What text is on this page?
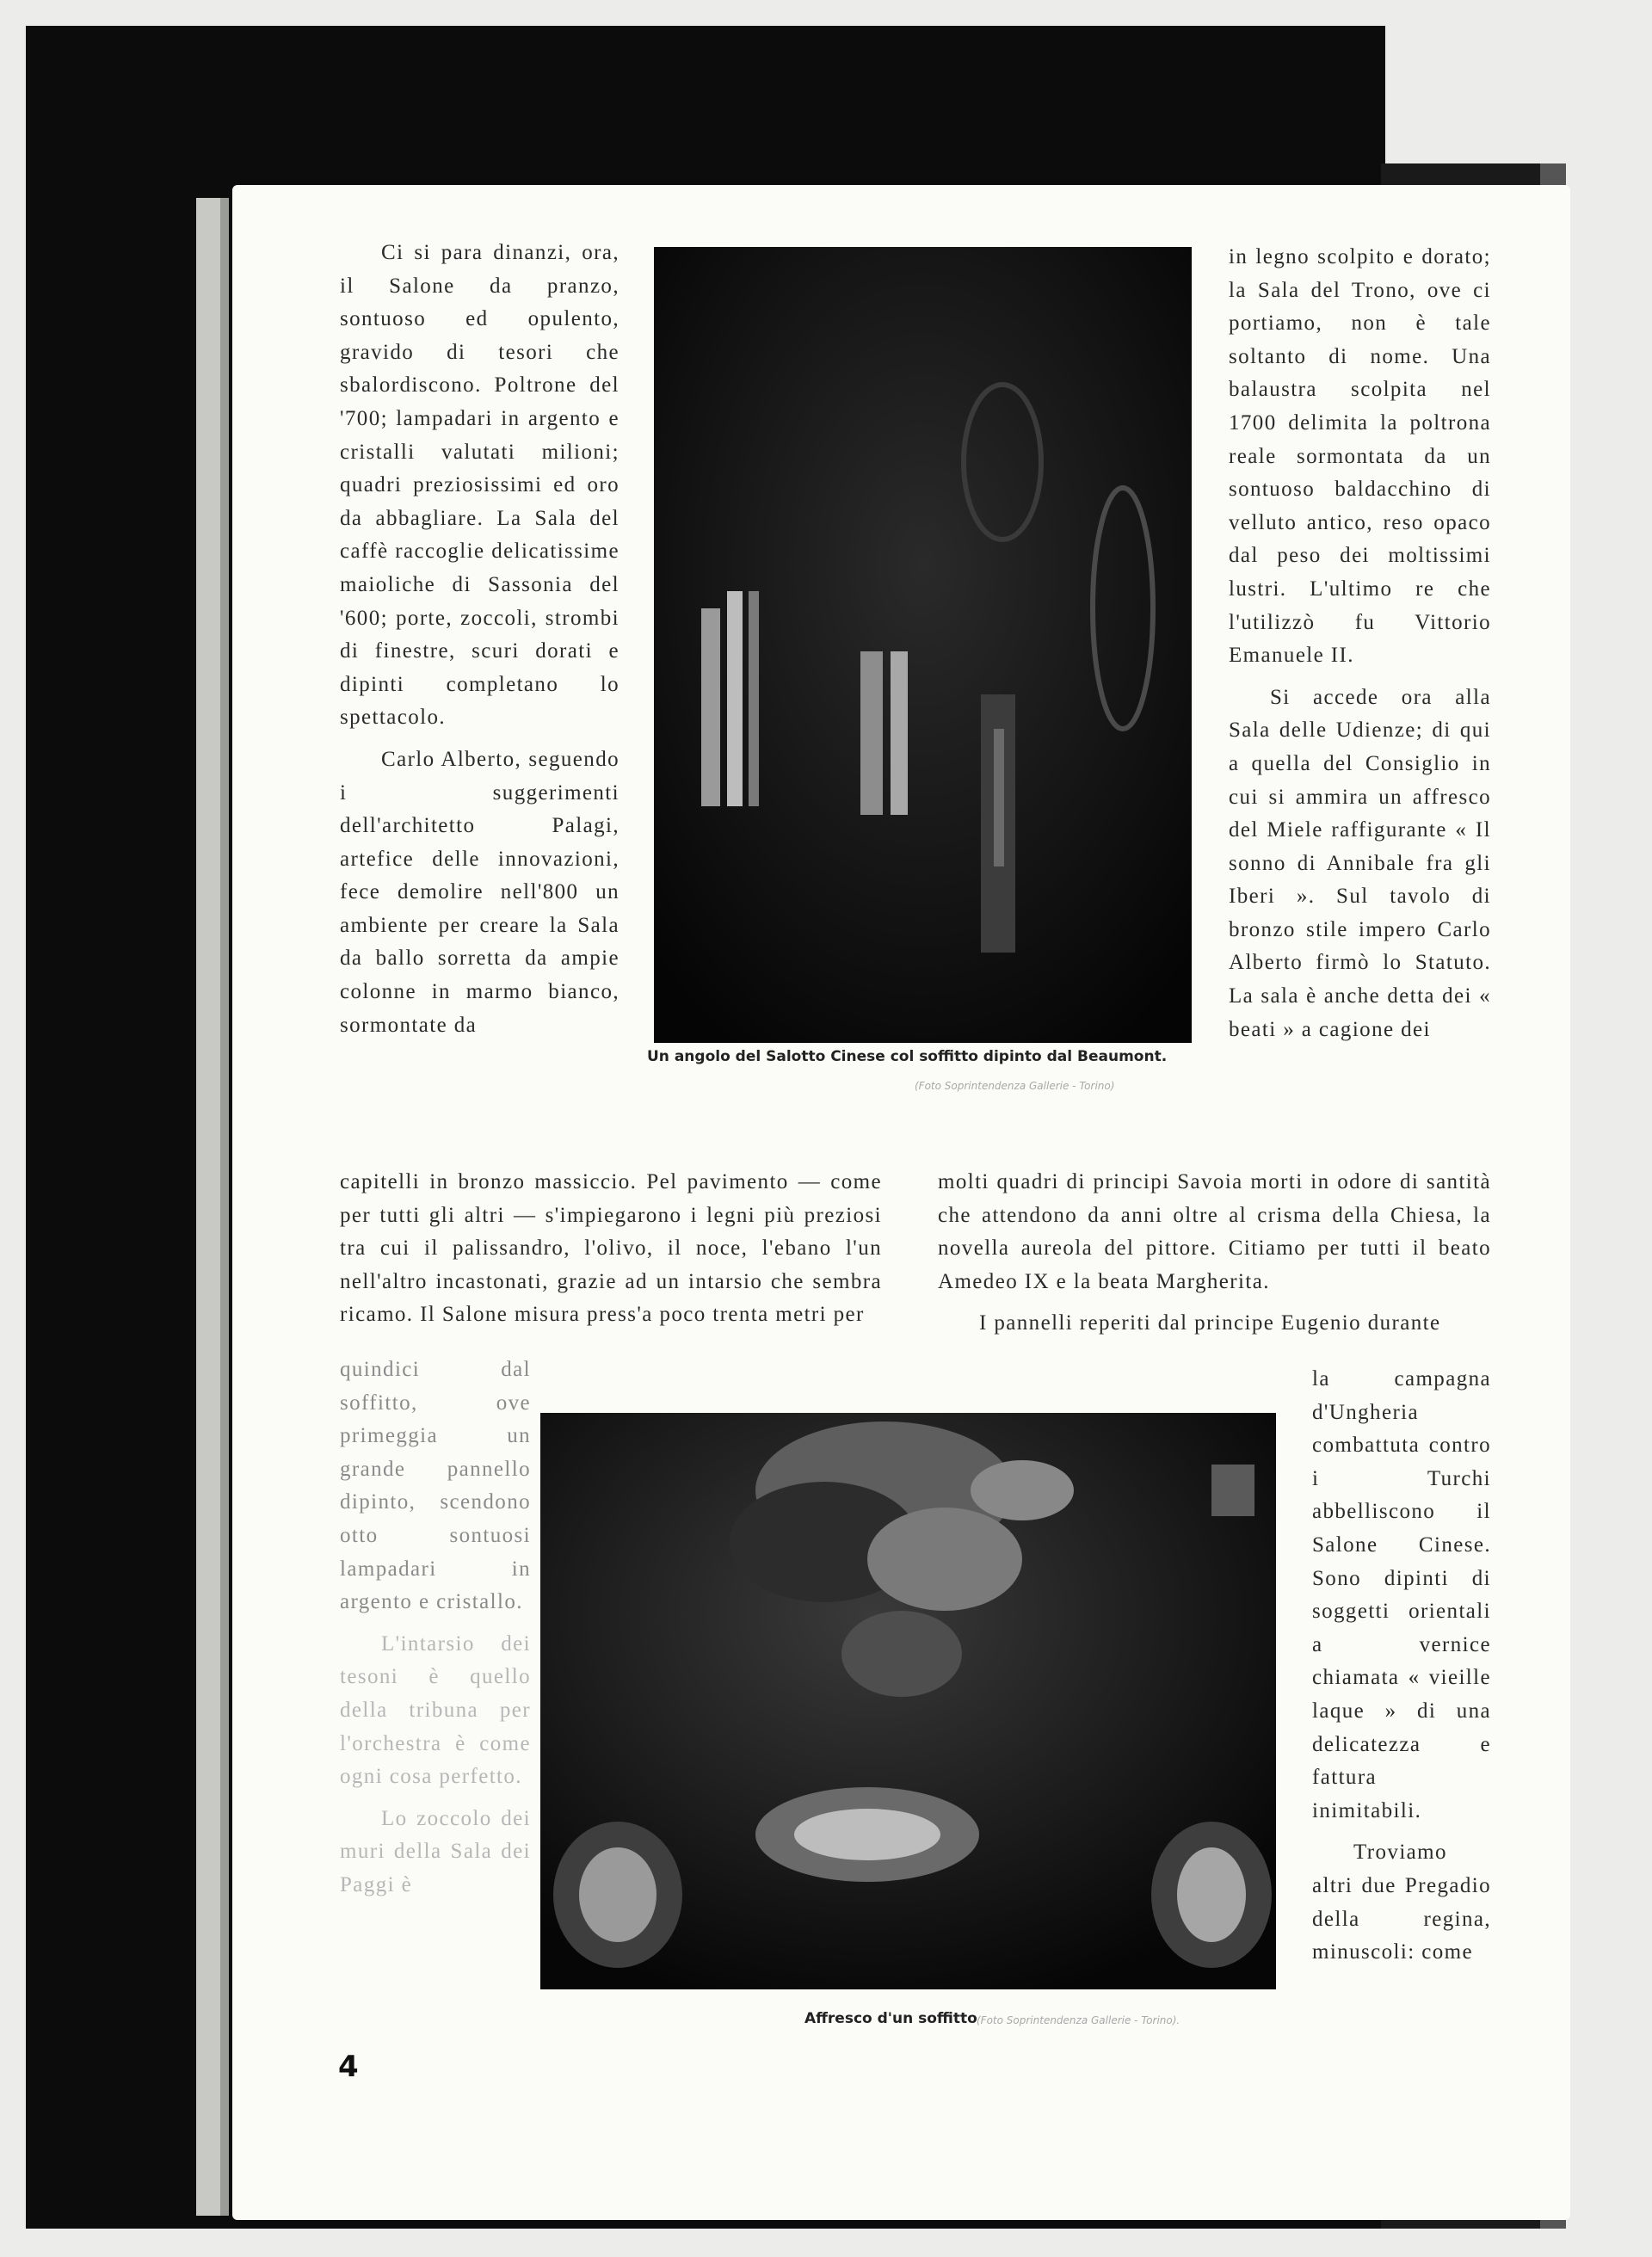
Ci si para dinanzi, ora, il Salone da pranzo, sontuoso ed opulento, gravido di tesori che sbalordiscono. Poltrone del '700; lampadari in argento e cristalli valutati milioni; quadri preziosissimi ed oro da abbagliare. La Sala del caffè raccoglie delicatissime maioliche di Sassonia del '600; porte, zoccoli, strombi di finestre, scuri dorati e dipinti completano lo spettacolo.

Carlo Alberto, seguendo i suggerimenti dell'architetto Palagi, artefice delle innovazioni, fece demolire nell'800 un ambiente per creare la Sala da ballo sorretta da ampie colonne in marmo bianco, sormontate da

Un angolo del Salotto Cinese col soffitto dipinto dal Beaumont.
(Foto Soprintendenza Gallerie - Torino)

in legno scolpito e dorato; la Sala del Trono, ove ci portiamo, non è tale soltanto di nome. Una balaustra scolpita nel 1700 delimita la poltrona reale sormontata da un sontuoso baldacchino di velluto antico, reso opaco dal peso dei moltissimi lustri. L'ultimo re che l'utilizzò fu Vittorio Emanuele II.

Si accede ora alla Sala delle Udienze; di qui a quella del Consiglio in cui si ammira un affresco del Miele raffigurante « Il sonno di Annibale fra gli Iberi ». Sul tavolo di bronzo stile impero Carlo Alberto firmò lo Statuto. La sala è anche detta dei « beati » a cagione dei

capitelli in bronzo massiccio. Pel pavimento — come per tutti gli altri — s'impiegarono i legni più preziosi tra cui il palissandro, l'olivo, il noce, l'ebano l'un nell'altro incastonati, grazie ad un intarsio che sembra ricamo. Il Salone misura press'a poco trenta metri per

molti quadri di principi Savoia morti in odore di santità che attendono da anni oltre al crisma della Chiesa, la novella aureola del pittore. Citiamo per tutti il beato Amedeo IX e la beata Margherita.

I pannelli reperiti dal principe Eugenio durante

quindici dal soffitto, ove primeggia un grande pannello dipinto, scendono otto sontuosi lampadari in argento e cristallo.

L'intarsio dei tesoni è quello della tribuna per l'orchestra è come ogni cosa perfetto.

Lo zoccolo dei muri della Sala dei Paggi è

Affresco d'un soffitto (Foto Soprintendenza Gallerie - Torino).

la campagna d'Ungheria combattuta contro i Turchi abbelliscono il Salone Cinese. Sono dipinti di soggetti orientali a vernice chiamata « vieille laque » di una delicatezza e fattura inimitabili.

Troviamo altri due Pregadio della regina, minuscoli: come

4
